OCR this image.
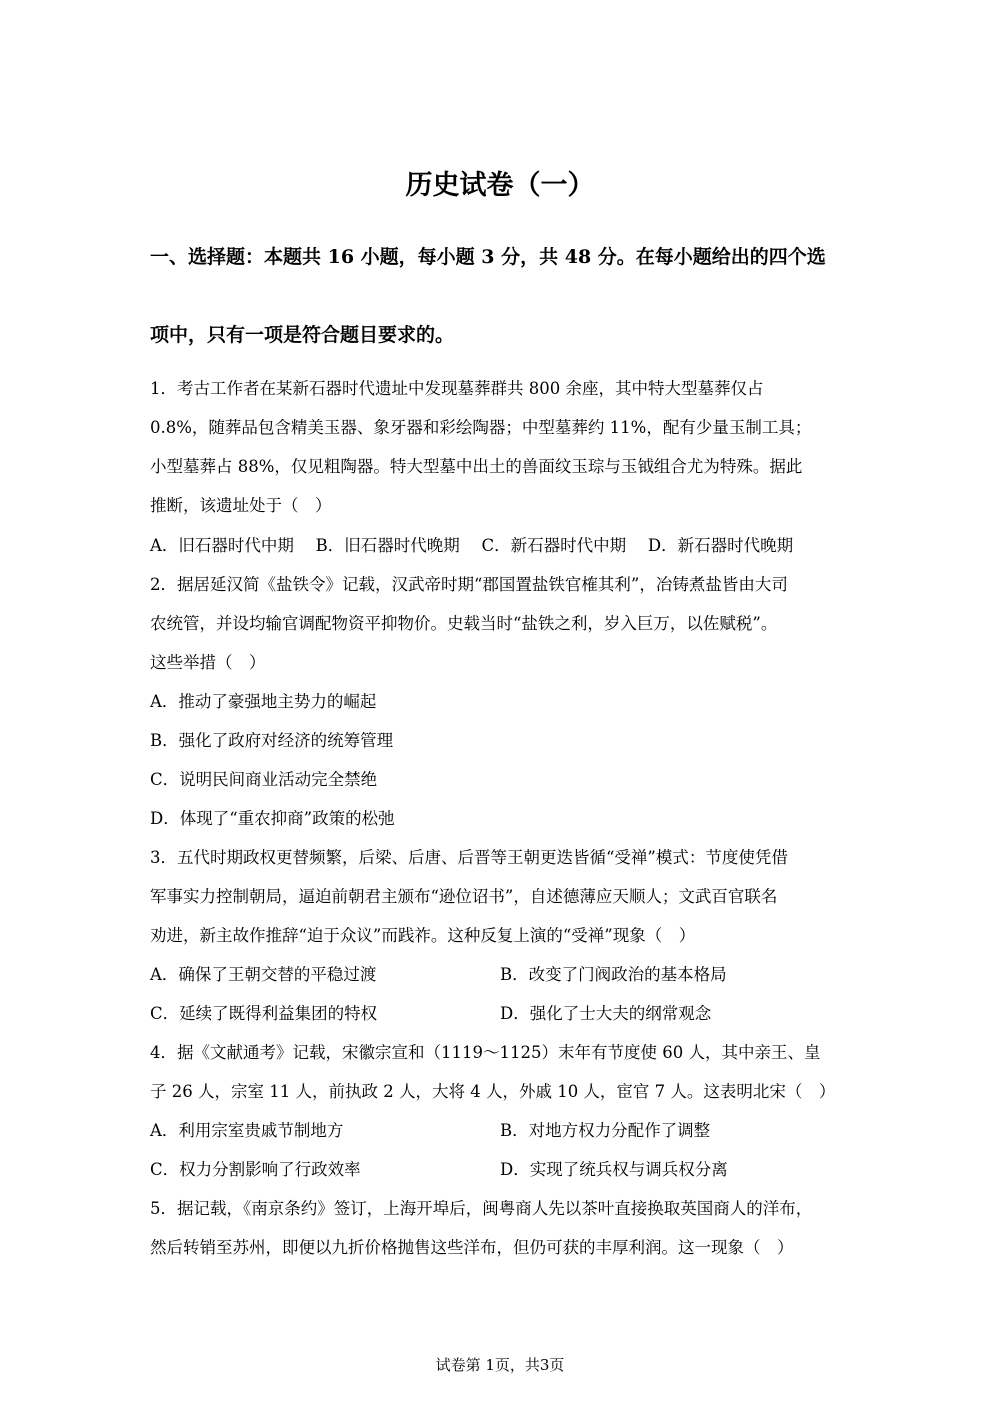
历史试卷（一）
一、选择题：本题共 16 小题，每小题 3 分，共 48 分。在每小题给出的四个选
项中，只有一项是符合题目要求的。
1．考古工作者在某新石器时代遗址中发现墓葬群共 800 余座，其中特大型墓葬仅占
0.8%，随葬品包含精美玉器、象牙器和彩绘陶器；中型墓葬约 11%，配有少量玉制工具；
小型墓葬占 88%，仅见粗陶器。特大型墓中出土的兽面纹玉琮与玉钺组合尤为特殊。据此
推断，该遗址处于（　）
A．旧石器时代中期　 B．旧石器时代晚期　 C．新石器时代中期　 D．新石器时代晚期
2．据居延汉简《盐铁令》记载，汉武帝时期“郡国置盐铁官榷其利”，冶铸煮盐皆由大司
农统管，并设均输官调配物资平抑物价。史载当时“盐铁之利，岁入巨万，以佐赋税”。
这些举措（　）
A．推动了豪强地主势力的崛起
B．强化了政府对经济的统筹管理
C．说明民间商业活动完全禁绝
D．体现了“重农抑商”政策的松弛
3．五代时期政权更替频繁，后梁、后唐、后晋等王朝更迭皆循“受禅”模式：节度使凭借
军事实力控制朝局，逼迫前朝君主颁布“逊位诏书”，自述德薄应天顺人；文武百官联名
劝进，新主故作推辞“迫于众议”而践祚。这种反复上演的“受禅”现象（　）
A．确保了王朝交替的平稳过渡	B．改变了门阀政治的基本格局
C．延续了既得利益集团的特权	D．强化了士大夫的纲常观念
4．据《文献通考》记载，宋徽宗宣和（1119～1125）末年有节度使 60 人，其中亲王、皇
子 26 人，宗室 11 人，前执政 2 人，大将 4 人，外戚 10 人，宦官 7 人。这表明北宋（　）
A．利用宗室贵戚节制地方	B．对地方权力分配作了调整
C．权力分割影响了行政效率	D．实现了统兵权与调兵权分离
5．据记载，《南京条约》签订，上海开埠后，闽粤商人先以茶叶直接换取英国商人的洋布，
然后转销至苏州，即便以九折价格抛售这些洋布，但仍可获的丰厚利润。这一现象（　）
试卷第 1页，共3页
